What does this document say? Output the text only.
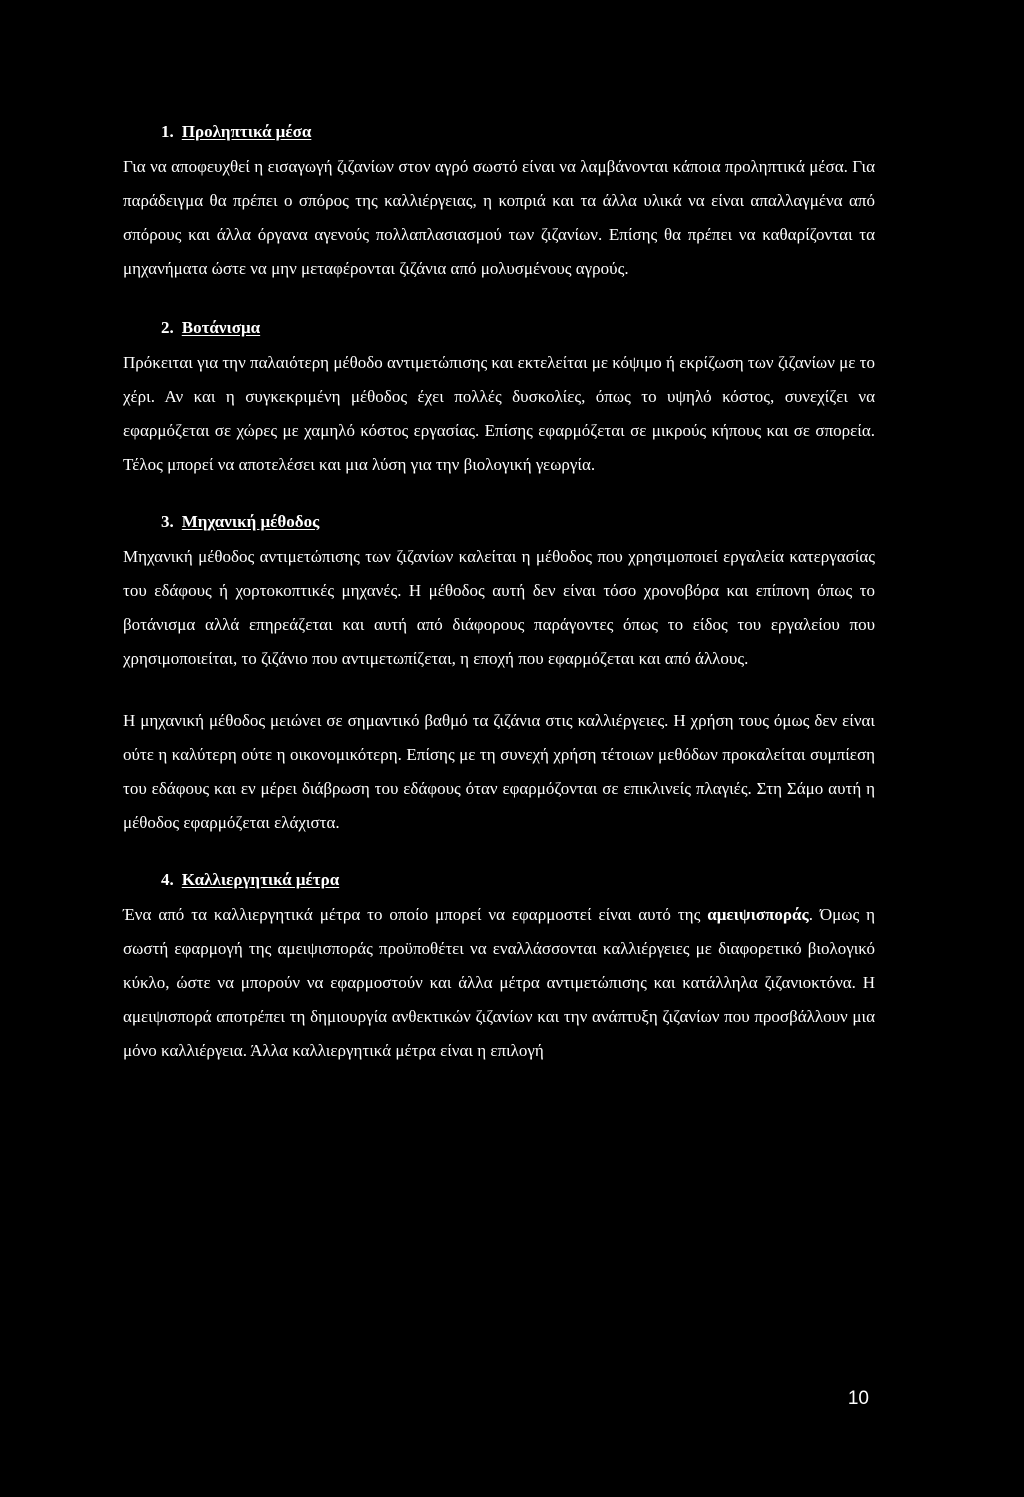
1. Προληπτικά μέσα

Για να αποφευχθεί η εισαγωγή ζιζανίων στον αγρό σωστό είναι να λαμβάνονται κάποια προληπτικά μέσα. Για παράδειγμα θα πρέπει ο σπόρος της καλλιέργειας, η κοπριά και τα άλλα υλικά να είναι απαλλαγμένα από σπόρους και άλλα όργανα αγενούς πολλαπλασιασμού των ζιζανίων. Επίσης θα πρέπει να καθαρίζονται τα μηχανήματα ώστε να μην μεταφέρονται ζιζάνια από μολυσμένους αγρούς.

2. Βοτάνισμα

Πρόκειται για την παλαιότερη μέθοδο αντιμετώπισης και εκτελείται με κόψιμο ή εκρίζωση των ζιζανίων με το χέρι. Αν και η συγκεκριμένη μέθοδος έχει πολλές δυσκολίες, όπως το υψηλό κόστος, συνεχίζει να εφαρμόζεται σε χώρες με χαμηλό κόστος εργασίας. Επίσης εφαρμόζεται σε μικρούς κήπους και σε σπορεία. Τέλος μπορεί να αποτελέσει και μια λύση για την βιολογική γεωργία.

3. Μηχανική μέθοδος

Μηχανική μέθοδος αντιμετώπισης των ζιζανίων καλείται η μέθοδος που χρησιμοποιεί εργαλεία κατεργασίας του εδάφους ή χορτοκοπτικές μηχανές. Η μέθοδος αυτή δεν είναι τόσο χρονοβόρα και επίπονη όπως το βοτάνισμα αλλά επηρεάζεται και αυτή από διάφορους παράγοντες όπως το είδος του εργαλείου που χρησιμοποιείται, το ζιζάνιο που αντιμετωπίζεται, η εποχή που εφαρμόζεται και από άλλους.

Η μηχανική μέθοδος μειώνει σε σημαντικό βαθμό τα ζιζάνια στις καλλιέργειες. Η χρήση τους όμως δεν είναι ούτε η καλύτερη ούτε η οικονομικότερη. Επίσης με τη συνεχή χρήση τέτοιων μεθόδων προκαλείται συμπίεση του εδάφους και εν μέρει διάβρωση του εδάφους όταν εφαρμόζονται σε επικλινείς πλαγιές. Στη Σάμο αυτή η μέθοδος εφαρμόζεται ελάχιστα.

4. Καλλιεργητικά μέτρα

Ένα από τα καλλιεργητικά μέτρα το οποίο μπορεί να εφαρμοστεί είναι αυτό της αμειψισποράς. Όμως η σωστή εφαρμογή της αμειψισποράς προϋποθέτει να εναλλάσσονται καλλιέργειες με διαφορετικό βιολογικό κύκλο, ώστε να μπορούν να εφαρμοστούν και άλλα μέτρα αντιμετώπισης και κατάλληλα ζιζανιοκτόνα. Η αμειψισπορά αποτρέπει τη δημιουργία ανθεκτικών ζιζανίων και την ανάπτυξη ζιζανίων που προσβάλλουν μια μόνο καλλιέργεια. Άλλα καλλιεργητικά μέτρα είναι η επιλογή

10
